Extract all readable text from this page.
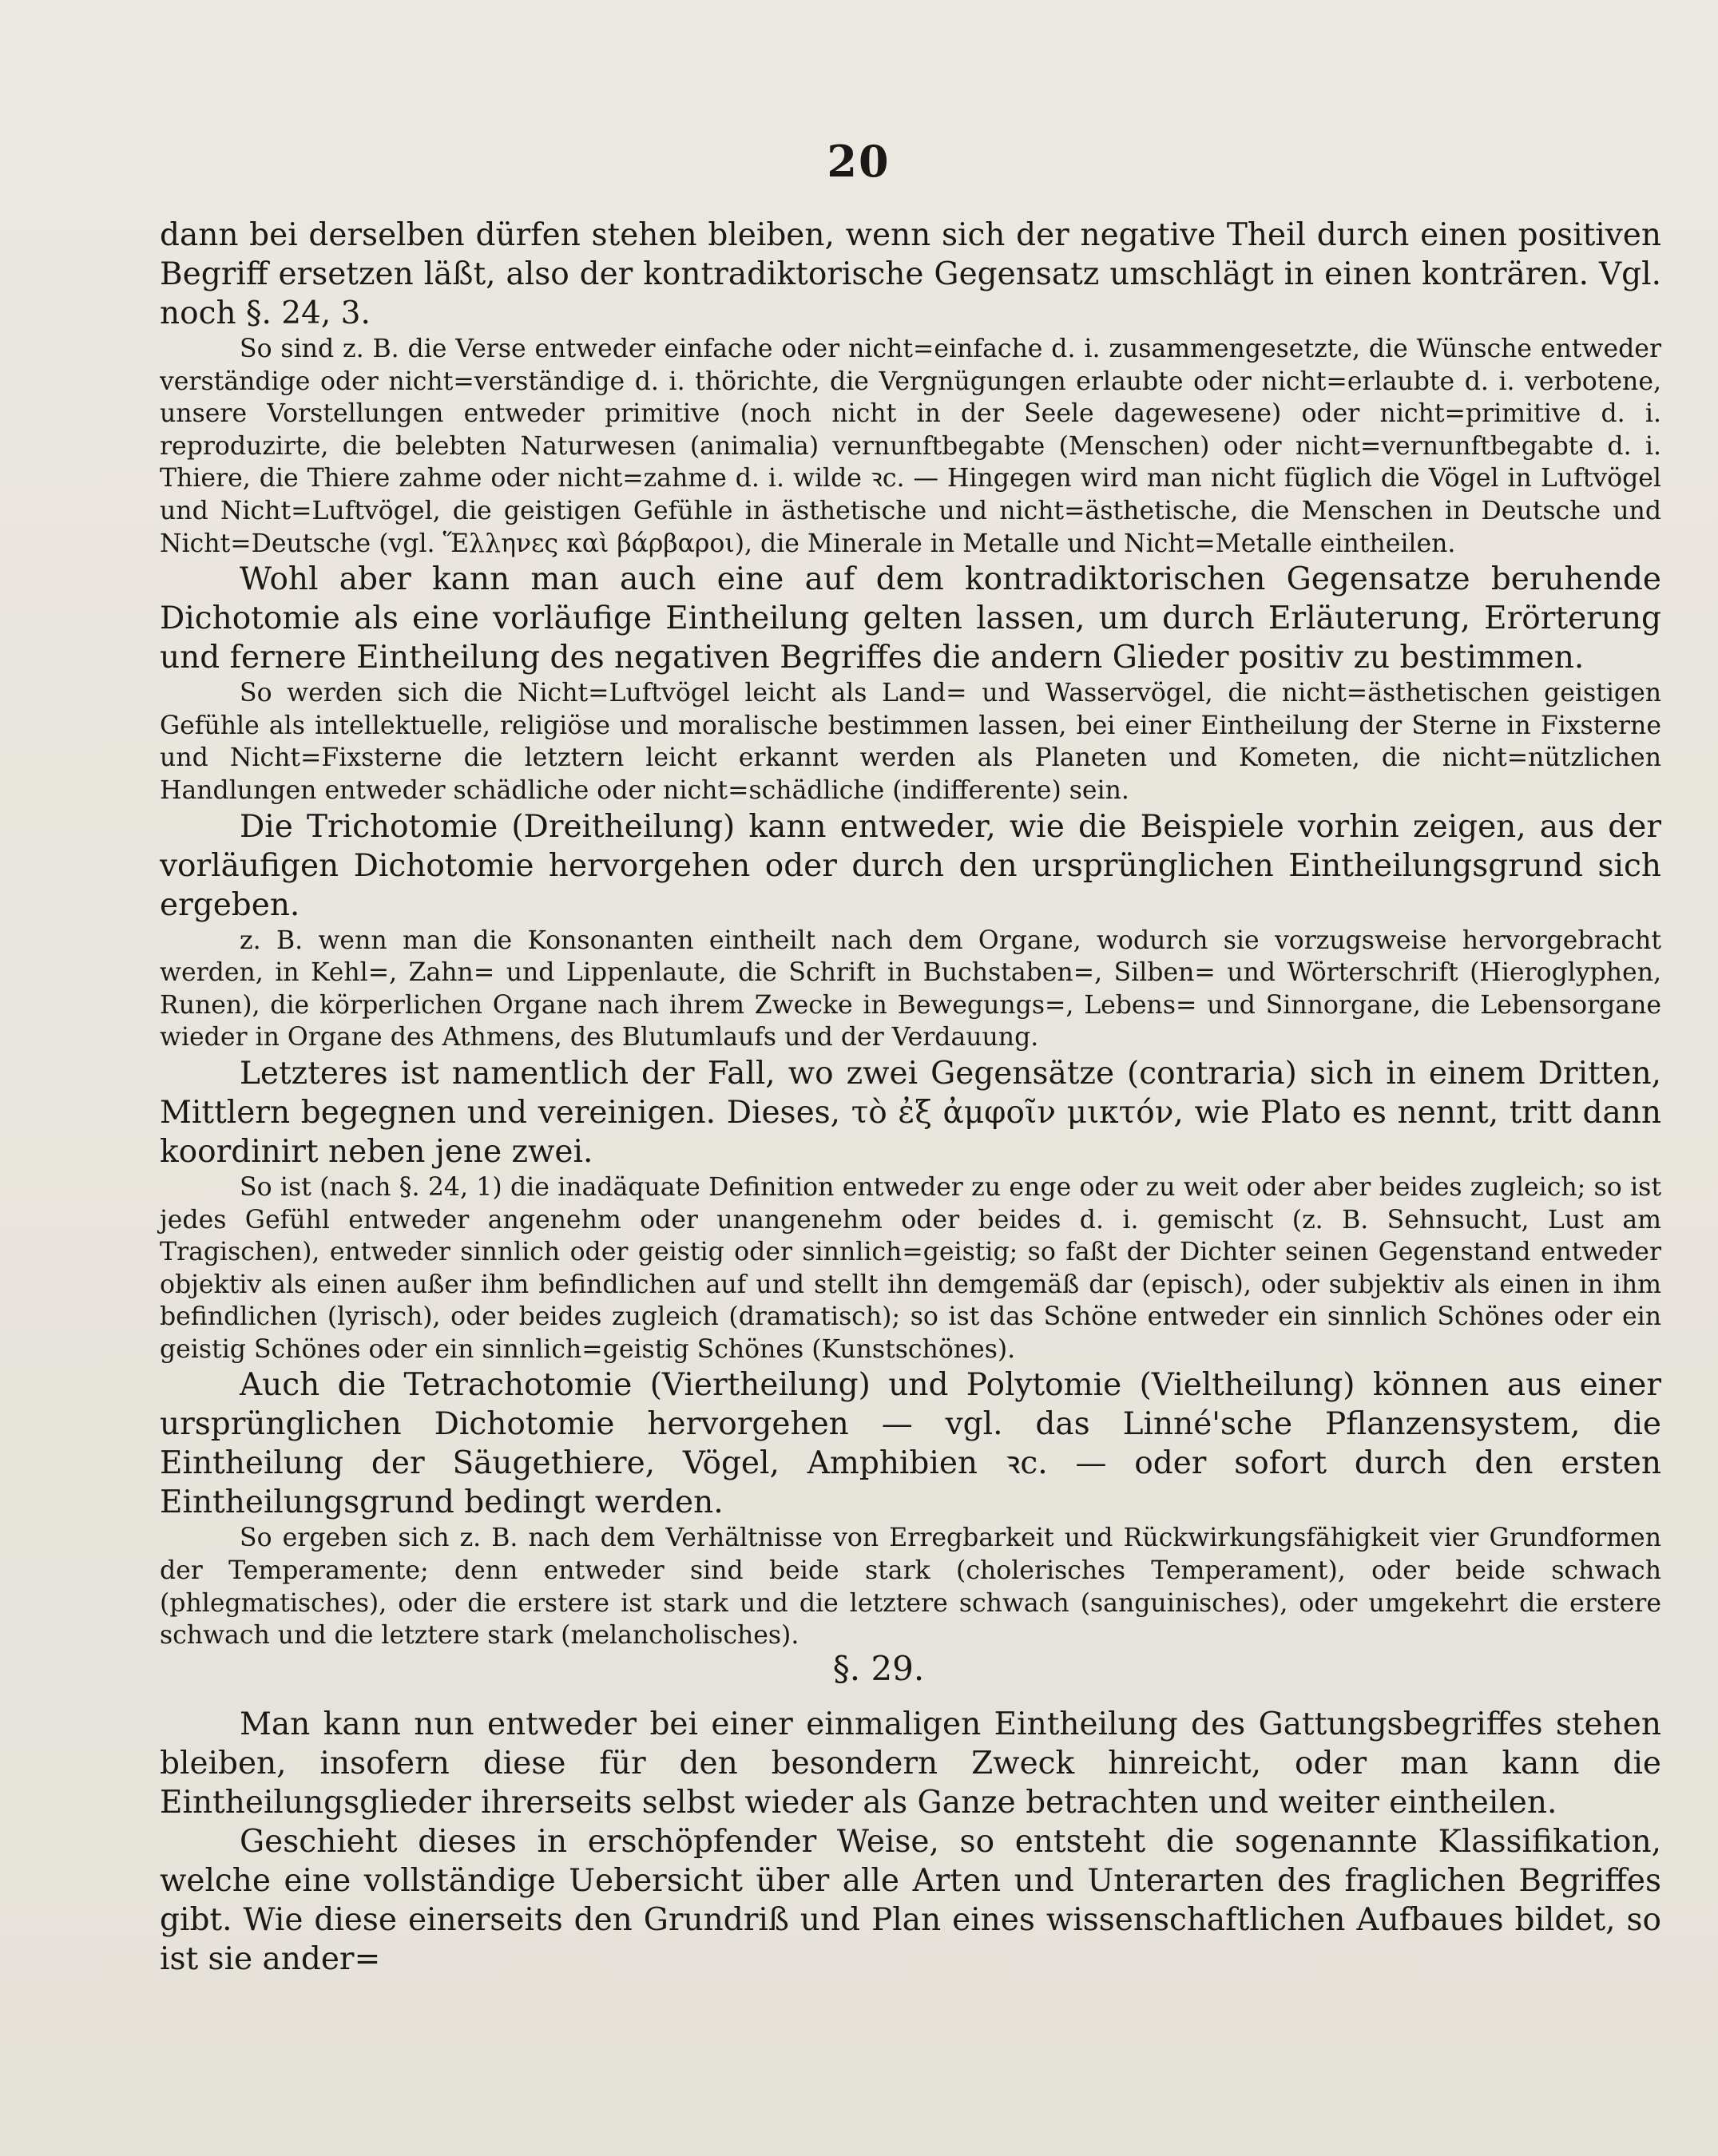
20

dann bei derselben dürfen stehen bleiben, wenn sich der negative Theil durch einen positiven Begriff ersetzen läßt, also der kontradiktorische Gegensatz umschlägt in einen konträren. Vgl. noch §. 24, 3.

So sind z. B. die Verse entweder einfache oder nicht=einfache d. i. zusammengesetzte, die Wünsche entweder verständige oder nicht=verständige d. i. thörichte, die Vergnügungen erlaubte oder nicht=erlaubte d. i. verbotene, unsere Vorstellungen entweder primitive (noch nicht in der Seele dagewesene) oder nicht=primitive d. i. reproduzirte, die belebten Naturwesen (animalia) vernunftbegabte (Menschen) oder nicht=vernunftbegabte d. i. Thiere, die Thiere zahme oder nicht=zahme d. i. wilde ꝛc. — Hingegen wird man nicht füglich die Vögel in Luftvögel und Nicht=Luftvögel, die geistigen Gefühle in ästhetische und nicht=ästhetische, die Menschen in Deutsche und Nicht=Deutsche (vgl. Ἕλληνες καὶ βάρβαροι), die Minerale in Metalle und Nicht=Metalle eintheilen.

Wohl aber kann man auch eine auf dem kontradiktorischen Gegensatze beruhende Dichotomie als eine vorläufige Eintheilung gelten lassen, um durch Erläuterung, Erörterung und fernere Eintheilung des negativen Begriffes die andern Glieder positiv zu bestimmen.

So werden sich die Nicht=Luftvögel leicht als Land= und Wasservögel, die nicht=ästhetischen geistigen Gefühle als intellektuelle, religiöse und moralische bestimmen lassen, bei einer Eintheilung der Sterne in Fixsterne und Nicht=Fixsterne die letztern leicht erkannt werden als Planeten und Kometen, die nicht=nützlichen Handlungen entweder schädliche oder nicht=schädliche (indifferente) sein.

Die Trichotomie (Dreitheilung) kann entweder, wie die Beispiele vorhin zeigen, aus der vorläufigen Dichotomie hervorgehen oder durch den ursprünglichen Eintheilungsgrund sich ergeben.

z. B. wenn man die Konsonanten eintheilt nach dem Organe, wodurch sie vorzugsweise hervorgebracht werden, in Kehl=, Zahn= und Lippenlaute, die Schrift in Buchstaben=, Silben= und Wörterschrift (Hieroglyphen, Runen), die körperlichen Organe nach ihrem Zwecke in Bewegungs=, Lebens= und Sinnorgane, die Lebensorgane wieder in Organe des Athmens, des Blutumlaufs und der Verdauung.

Letzteres ist namentlich der Fall, wo zwei Gegensätze (contraria) sich in einem Dritten, Mittlern begegnen und vereinigen. Dieses, τὸ ἐξ ἀμφοῖν μικτόν, wie Plato es nennt, tritt dann koordinirt neben jene zwei.

So ist (nach §. 24, 1) die inadäquate Definition entweder zu enge oder zu weit oder aber beides zugleich; so ist jedes Gefühl entweder angenehm oder unangenehm oder beides d. i. gemischt (z. B. Sehnsucht, Lust am Tragischen), entweder sinnlich oder geistig oder sinnlich=geistig; so faßt der Dichter seinen Gegenstand entweder objektiv als einen außer ihm befindlichen auf und stellt ihn demgemäß dar (episch), oder subjektiv als einen in ihm befindlichen (lyrisch), oder beides zugleich (dramatisch); so ist das Schöne entweder ein sinnlich Schönes oder ein geistig Schönes oder ein sinnlich=geistig Schönes (Kunstschönes).

Auch die Tetrachotomie (Viertheilung) und Polytomie (Vieltheilung) können aus einer ursprünglichen Dichotomie hervorgehen — vgl. das Linné'sche Pflanzensystem, die Eintheilung der Säugethiere, Vögel, Amphibien ꝛc. — oder sofort durch den ersten Eintheilungsgrund bedingt werden.

So ergeben sich z. B. nach dem Verhältnisse von Erregbarkeit und Rückwirkungsfähigkeit vier Grundformen der Temperamente; denn entweder sind beide stark (cholerisches Temperament), oder beide schwach (phlegmatisches), oder die erstere ist stark und die letztere schwach (sanguinisches), oder umgekehrt die erstere schwach und die letztere stark (melancholisches).

§. 29.

Man kann nun entweder bei einer einmaligen Eintheilung des Gattungsbegriffes stehen bleiben, insofern diese für den besondern Zweck hinreicht, oder man kann die Eintheilungsglieder ihrerseits selbst wieder als Ganze betrachten und weiter eintheilen.

Geschieht dieses in erschöpfender Weise, so entsteht die sogenannte Klassifikation, welche eine vollständige Uebersicht über alle Arten und Unterarten des fraglichen Begriffes gibt. Wie diese einerseits den Grundriß und Plan eines wissenschaftlichen Aufbaues bildet, so ist sie ander=
